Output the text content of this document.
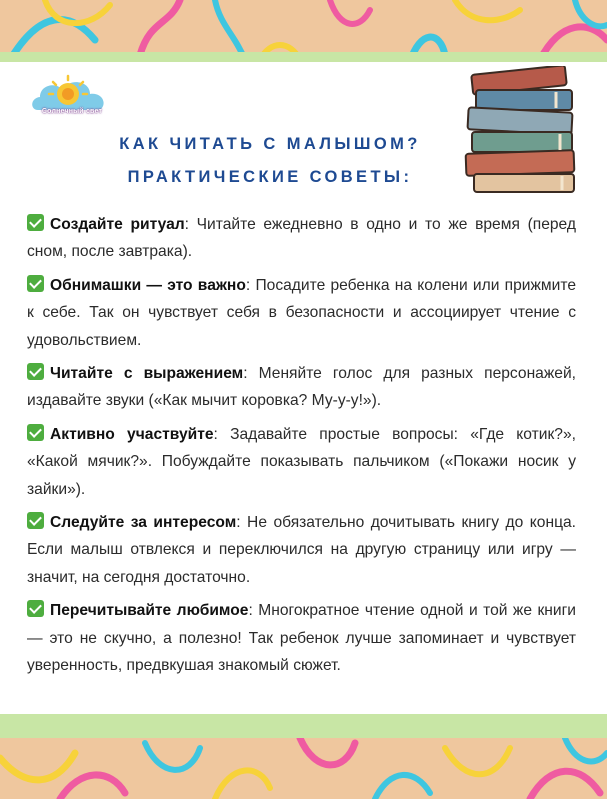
Солнечный свет
КАК ЧИТАТЬ С МАЛЫШОМ?
ПРАКТИЧЕСКИЕ СОВЕТЫ:

Создайте ритуал: Читайте ежедневно в одно и то же время (перед сном, после завтрака).

Обнимашки — это важно: Посадите ребенка на колени или прижмите к себе. Так он чувствует себя в безопасности и ассоциирует чтение с удовольствием.

Читайте с выражением: Меняйте голос для разных персонажей, издавайте звуки («Как мычит коровка? Му-у-у!»).

Активно участвуйте: Задавайте простые вопросы: «Где котик?», «Какой мячик?». Побуждайте показывать пальчиком («Покажи носик у зайки»).

Следуйте за интересом: Не обязательно дочитывать книгу до конца. Если малыш отвлекся и переключился на другую страницу или игру — значит, на сегодня достаточно.

Перечитывайте любимое: Многократное чтение одной и той же книги — это не скучно, а полезно! Так ребенок лучше запоминает и чувствует уверенность, предвкушая знакомый сюжет.
